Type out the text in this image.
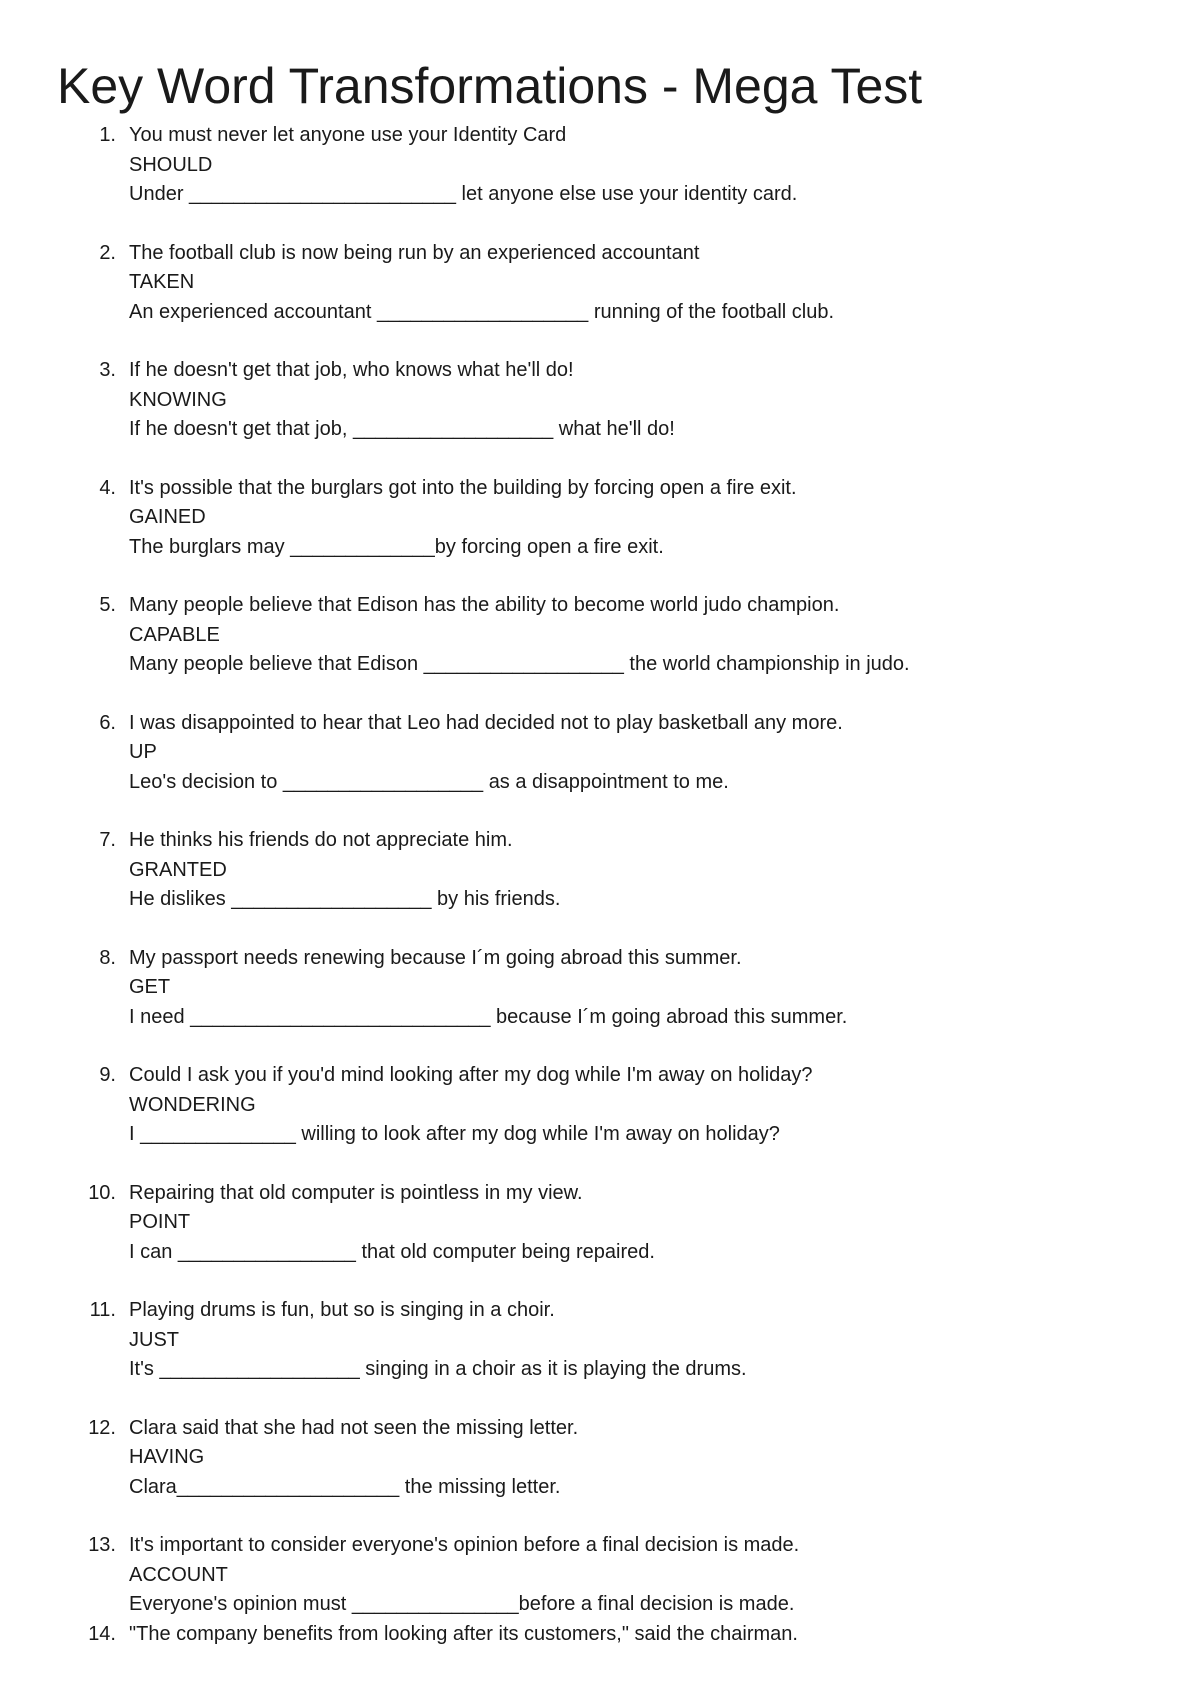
Key Word Transformations - Mega Test
1. You must never let anyone use your Identity Card
SHOULD
Under ________________________ let anyone else use your identity card.
2. The football club is now being run by an experienced accountant
TAKEN
An experienced accountant ___________________ running of the football club.
3. If he doesn't get that job, who knows what he'll do!
KNOWING
If he doesn't get that job, __________________ what he'll do!
4. It's possible that the burglars got into the building by forcing open a fire exit.
GAINED
The burglars may _____________by forcing open a fire exit.
5. Many people believe that Edison has the ability to become world judo champion.
CAPABLE
Many people believe that Edison __________________ the world championship in judo.
6. I was disappointed to hear that Leo had decided not to play basketball any more.
UP
Leo's decision to __________________ as a disappointment to me.
7. He thinks his friends do not appreciate him.
GRANTED
He dislikes __________________ by his friends.
8. My passport needs renewing because I´m going abroad this summer.
GET
I need ___________________________ because I´m going abroad this summer.
9. Could I ask you if you'd mind looking after my dog while I'm away on holiday?
WONDERING
I ______________ willing to look after my dog while I'm away on holiday?
10. Repairing that old computer is pointless in my view.
POINT
I can ________________ that old computer being repaired.
11. Playing drums is fun, but so is singing in a choir.
JUST
It's __________________ singing in a choir as it is playing the drums.
12. Clara said that she had not seen the missing letter.
HAVING
Clara____________________ the missing letter.
13. It's important to consider everyone's opinion before a final decision is made.
ACCOUNT
Everyone's opinion must _______________before a final decision is made.
14. "The company benefits from looking after its customers," said the chairman.
